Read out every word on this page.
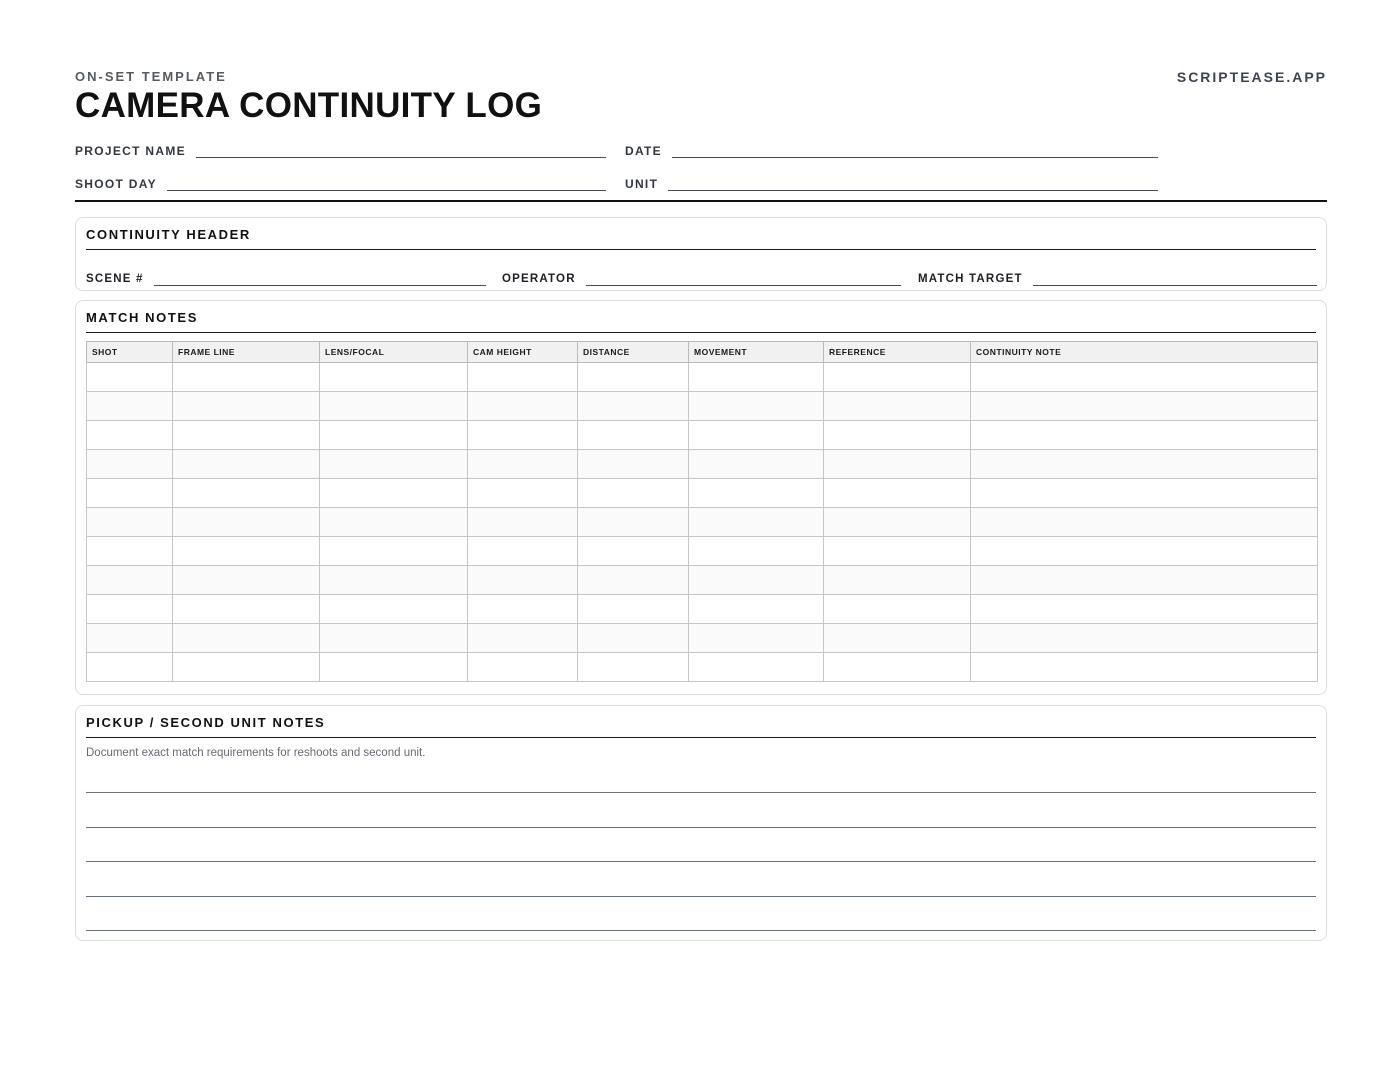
ON-SET TEMPLATE	SCRIPTEASE.APP
CAMERA CONTINUITY LOG
PROJECT NAME	DATE
SHOOT DAY	UNIT
CONTINUITY HEADER
SCENE #	OPERATOR	MATCH TARGET
MATCH NOTES
SHOT	FRAME LINE	LENS/FOCAL	CAM HEIGHT	DISTANCE	MOVEMENT	REFERENCE	CONTINUITY NOTE

PICKUP / SECOND UNIT NOTES
Document exact match requirements for reshoots and second unit.
